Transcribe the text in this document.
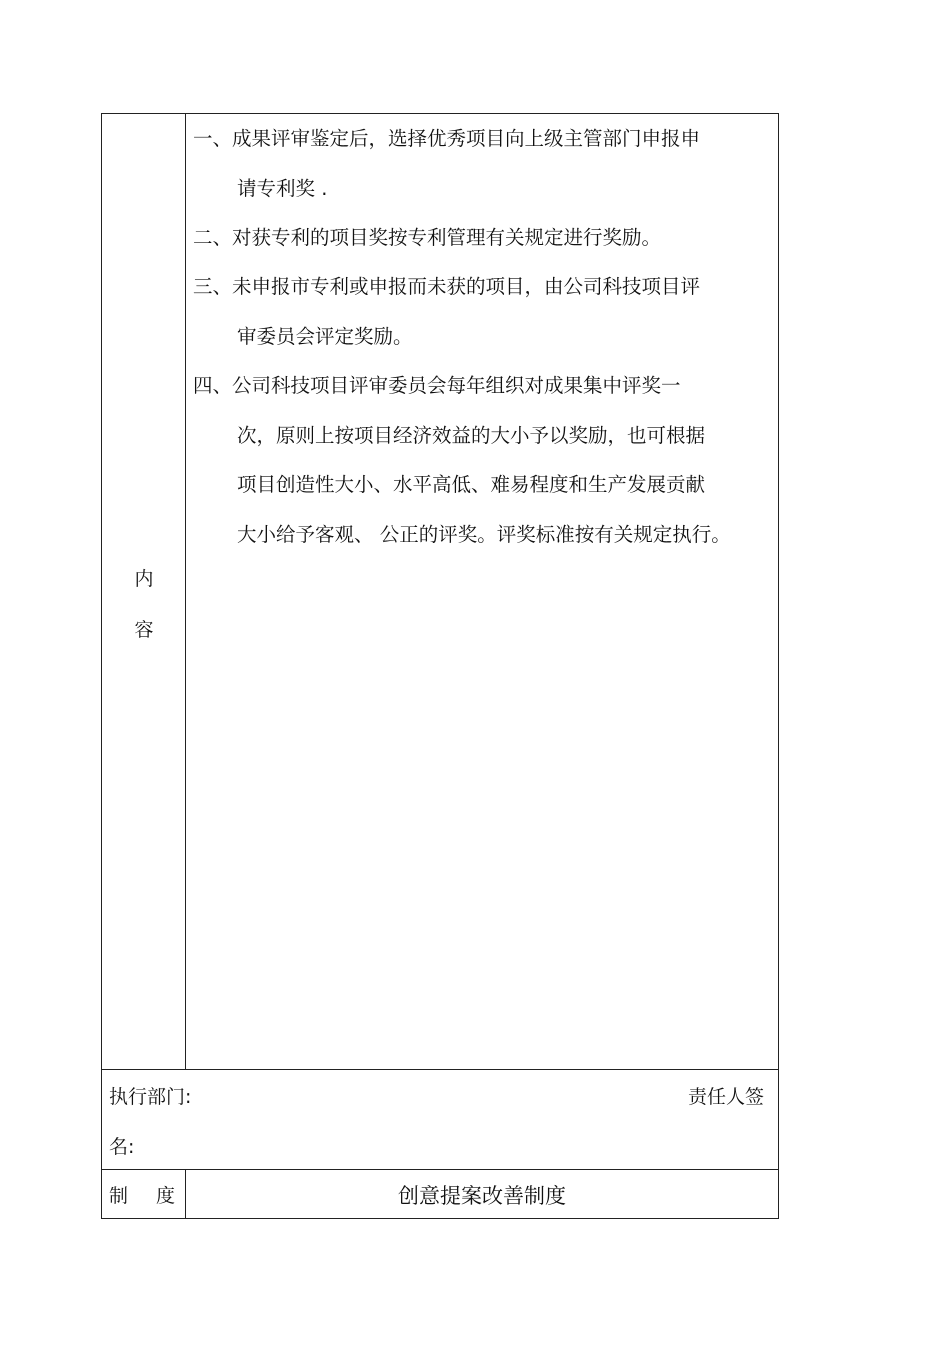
内
容
一、成果评审鉴定后，选择优秀项目向上级主管部门申报申
请专利奖 .
二、对获专利的项目奖按专利管理有关规定进行奖励。
三、未申报市专利或申报而未获的项目，由公司科技项目评
审委员会评定奖励。
四、公司科技项目评审委员会每年组织对成果集中评奖一
次，原则上按项目经济效益的大小予以奖励，也可根据
项目创造性大小、水平高低、难易程度和生产发展贡献
大小给予客观、 公正的评奖。评奖标准按有关规定执行。
执行部门:	责任人签
名:
制 度	创意提案改善制度
